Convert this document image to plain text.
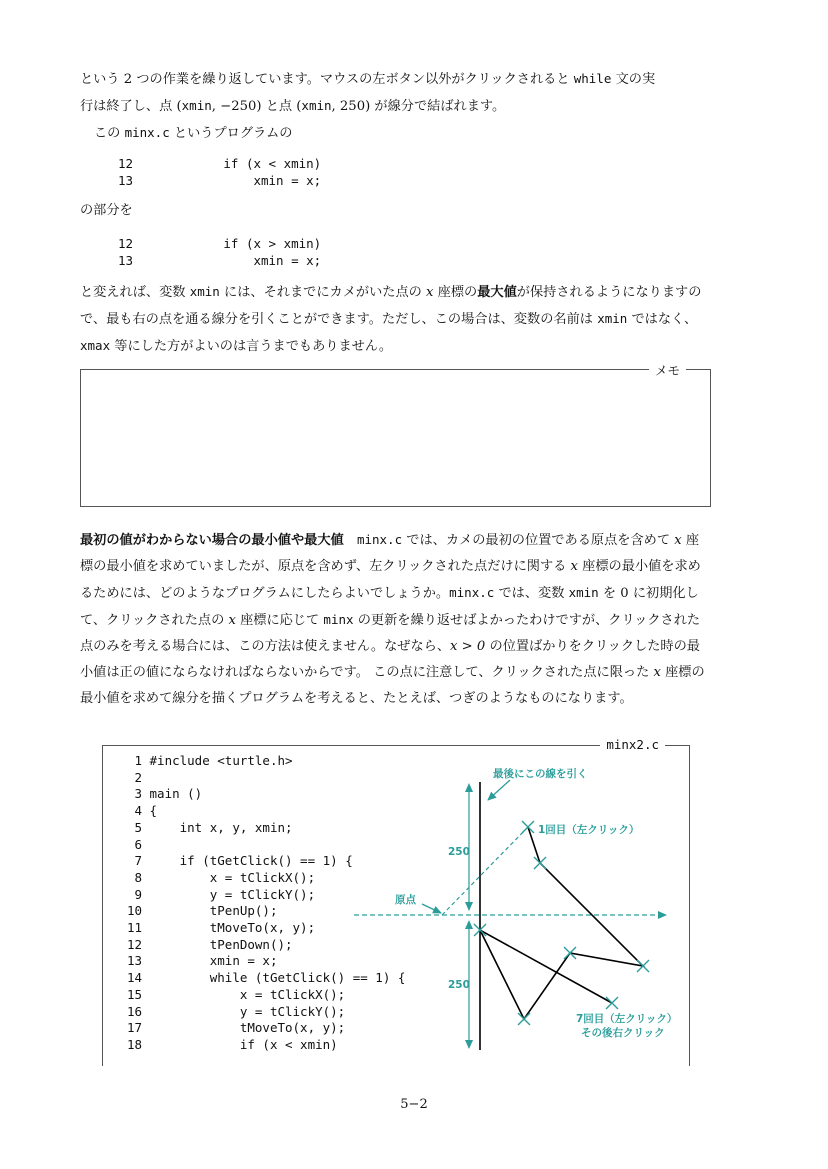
という 2 つの作業を繰り返しています。マウスの左ボタン以外がクリックされると while 文の実

行は終了し、点 (xmin, −250) と点 (xmin, 250) が線分で結ばれます。

この minx.c というプログラムの

12            if (x < xmin)
13                xmin = x;
の部分を
12            if (x > xmin)
13                xmin = x;

と変えれば、変数 xmin には、それまでにカメがいた点の x 座標の最大値が保持されるようになりますので、最も右の点を通る線分を引くことができます。ただし、この場合は、変数の名前は xmin ではなく、xmax 等にした方がよいのは言うまでもありません。

メモ

最初の値がわからない場合の最小値や最大値　 minx.c では、カメの最初の位置である原点を含めて x 座標の最小値を求めていましたが、原点を含めず、左クリックされた点だけに関する x 座標の最小値を求めるためには、どのようなプログラムにしたらよいでしょうか。minx.c では、変数 xmin を 0 に初期化して、クリックされた点の x 座標に応じて minx の更新を繰り返せばよかったわけですが、クリックされた点のみを考える場合には、この方法は使えません。なぜなら、x > 0 の位置ばかりをクリックした時の最小値は正の値にならなければならないからです。 この点に注意して、クリックされた点に限った x 座標の最小値を求めて線分を描くプログラムを考えると、たとえば、つぎのようなものになります。

minx2.c
1 #include <turtle.h>
2
3 main ()
4 {
5     int x, y, xmin;
6
7     if (tGetClick() == 1) {
8         x = tClickX();
9         y = tClickY();
10         tPenUp();
11         tMoveTo(x, y);
12         tPenDown();
13         xmin = x;
14         while (tGetClick() == 1) {
15             x = tClickX();
16             y = tClickY();
17             tMoveTo(x, y);
18             if (x < xmin)
最後にこの線を引く
1回目（左クリック）
原点
250
250
7回目（左クリック）
その後右クリック
5−2
